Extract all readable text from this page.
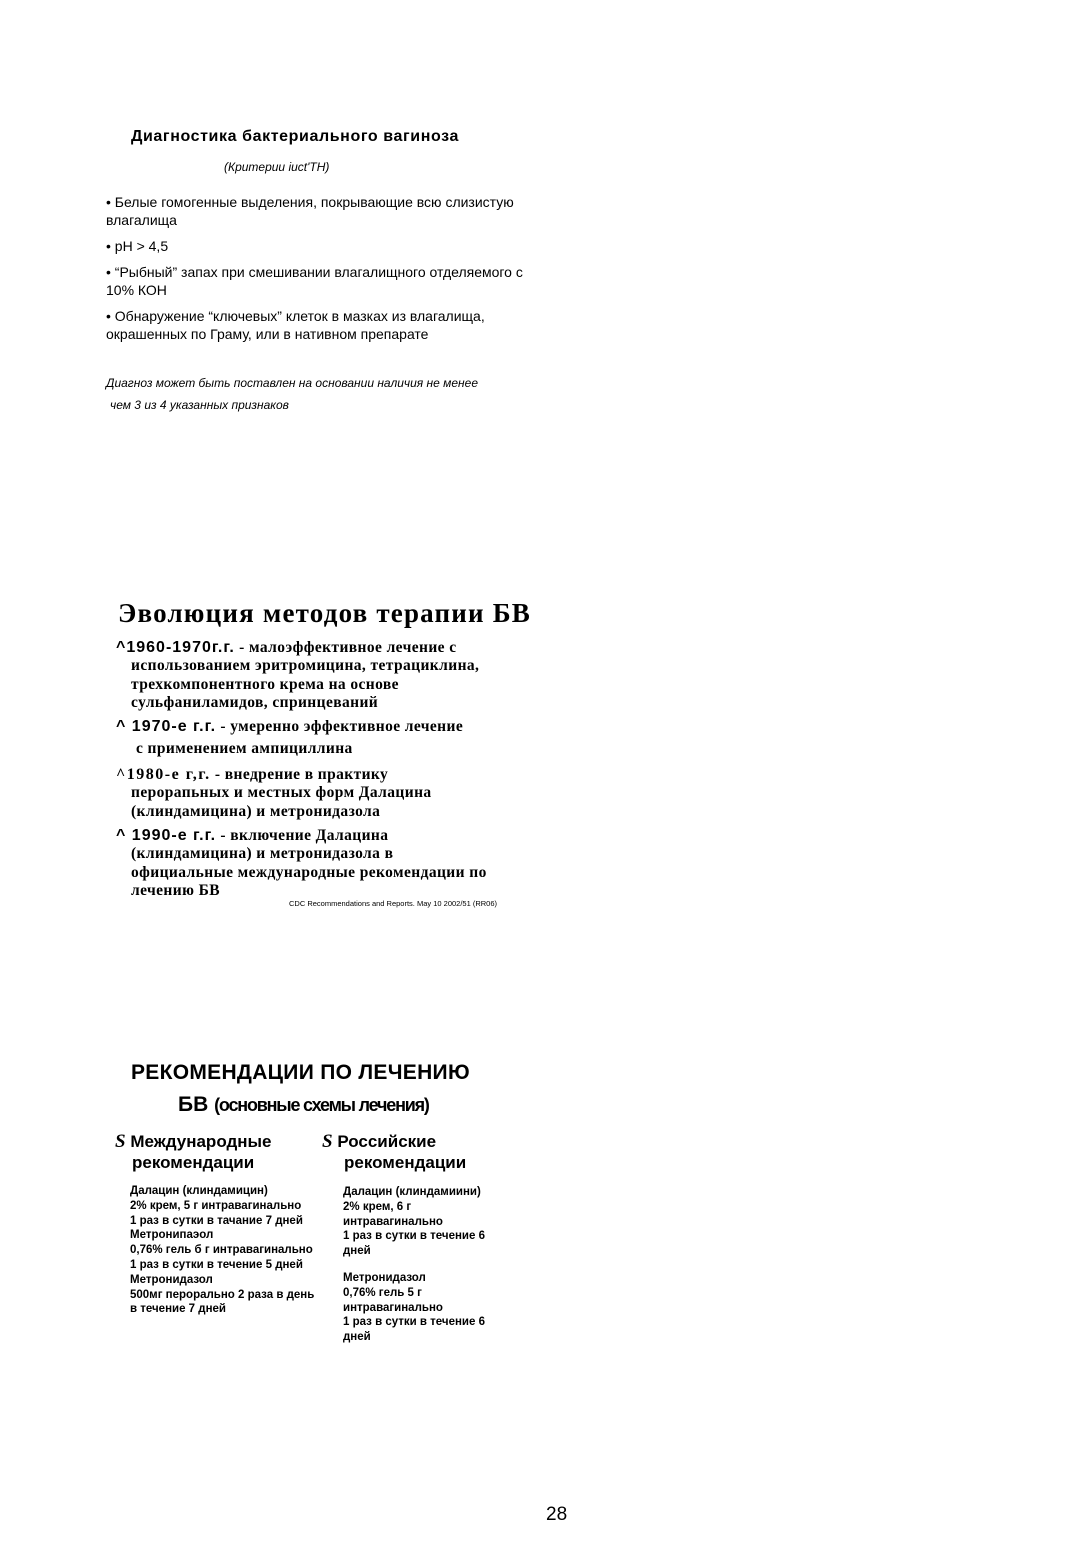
Диагностика бактериального вагиноза
(Критерии iuct'TH)
• Белые гомогенные выделения, покрывающие всю слизистую влагалища
• pH > 4,5
• “Рыбный” запах при смешивании влагалищного отделяемого с 10% КОН
• Обнаружение “ключевых” клеток в мазках из влагалища, окрашенных по Граму, или в нативном препарате
Диагноз может быть поставлен на основании наличия не менее
чем 3 из 4 указанных признаков
Эволюция методов терапии БВ
^1960-1970г.г. - малоэффективное лечение с
использованием эритромицина, тетрациклина,
трехкомпонентного крема на основе
сульфаниламидов, спринцеваний
^ 1970-е г.г. - умеренно эффективное лечение
с применением ампициллина
^1980-е г,г. - внедрение в практику
перорапьных и местных форм Далацина
(клиндамицина) и метронидазола
^ 1990-е г.г. - включение Далацина
(клиндамицина) и метронидазола в
официальные международные рекомендации по
лечению БВ
CDC Recommendations and Reports. May 10 2002/51 (RR06)
РЕКОМЕНДАЦИИ ПО ЛЕЧЕНИЮ
БВ (основные схемы лечения)
S Международные
рекомендации
Далацин (клиндамицин)
2% крем, 5 г интравагинально
1 раз в сутки в тачание 7 дней
Метронипаэол
0,76% гель б г интравагинально
1 раз в сутки в течение 5 дней
Метронидазол
500мг перорально 2 раза в день
в течение 7 дней
S Российские
рекомендации
Далацин (клиндамиини)
2% крем, 6 г
интравагинально
1 раз в сутки в течение 6
дней
Метронидазол
0,76% гель 5 г
интравагинально
1 раз в сутки в течение 6
дней
28
